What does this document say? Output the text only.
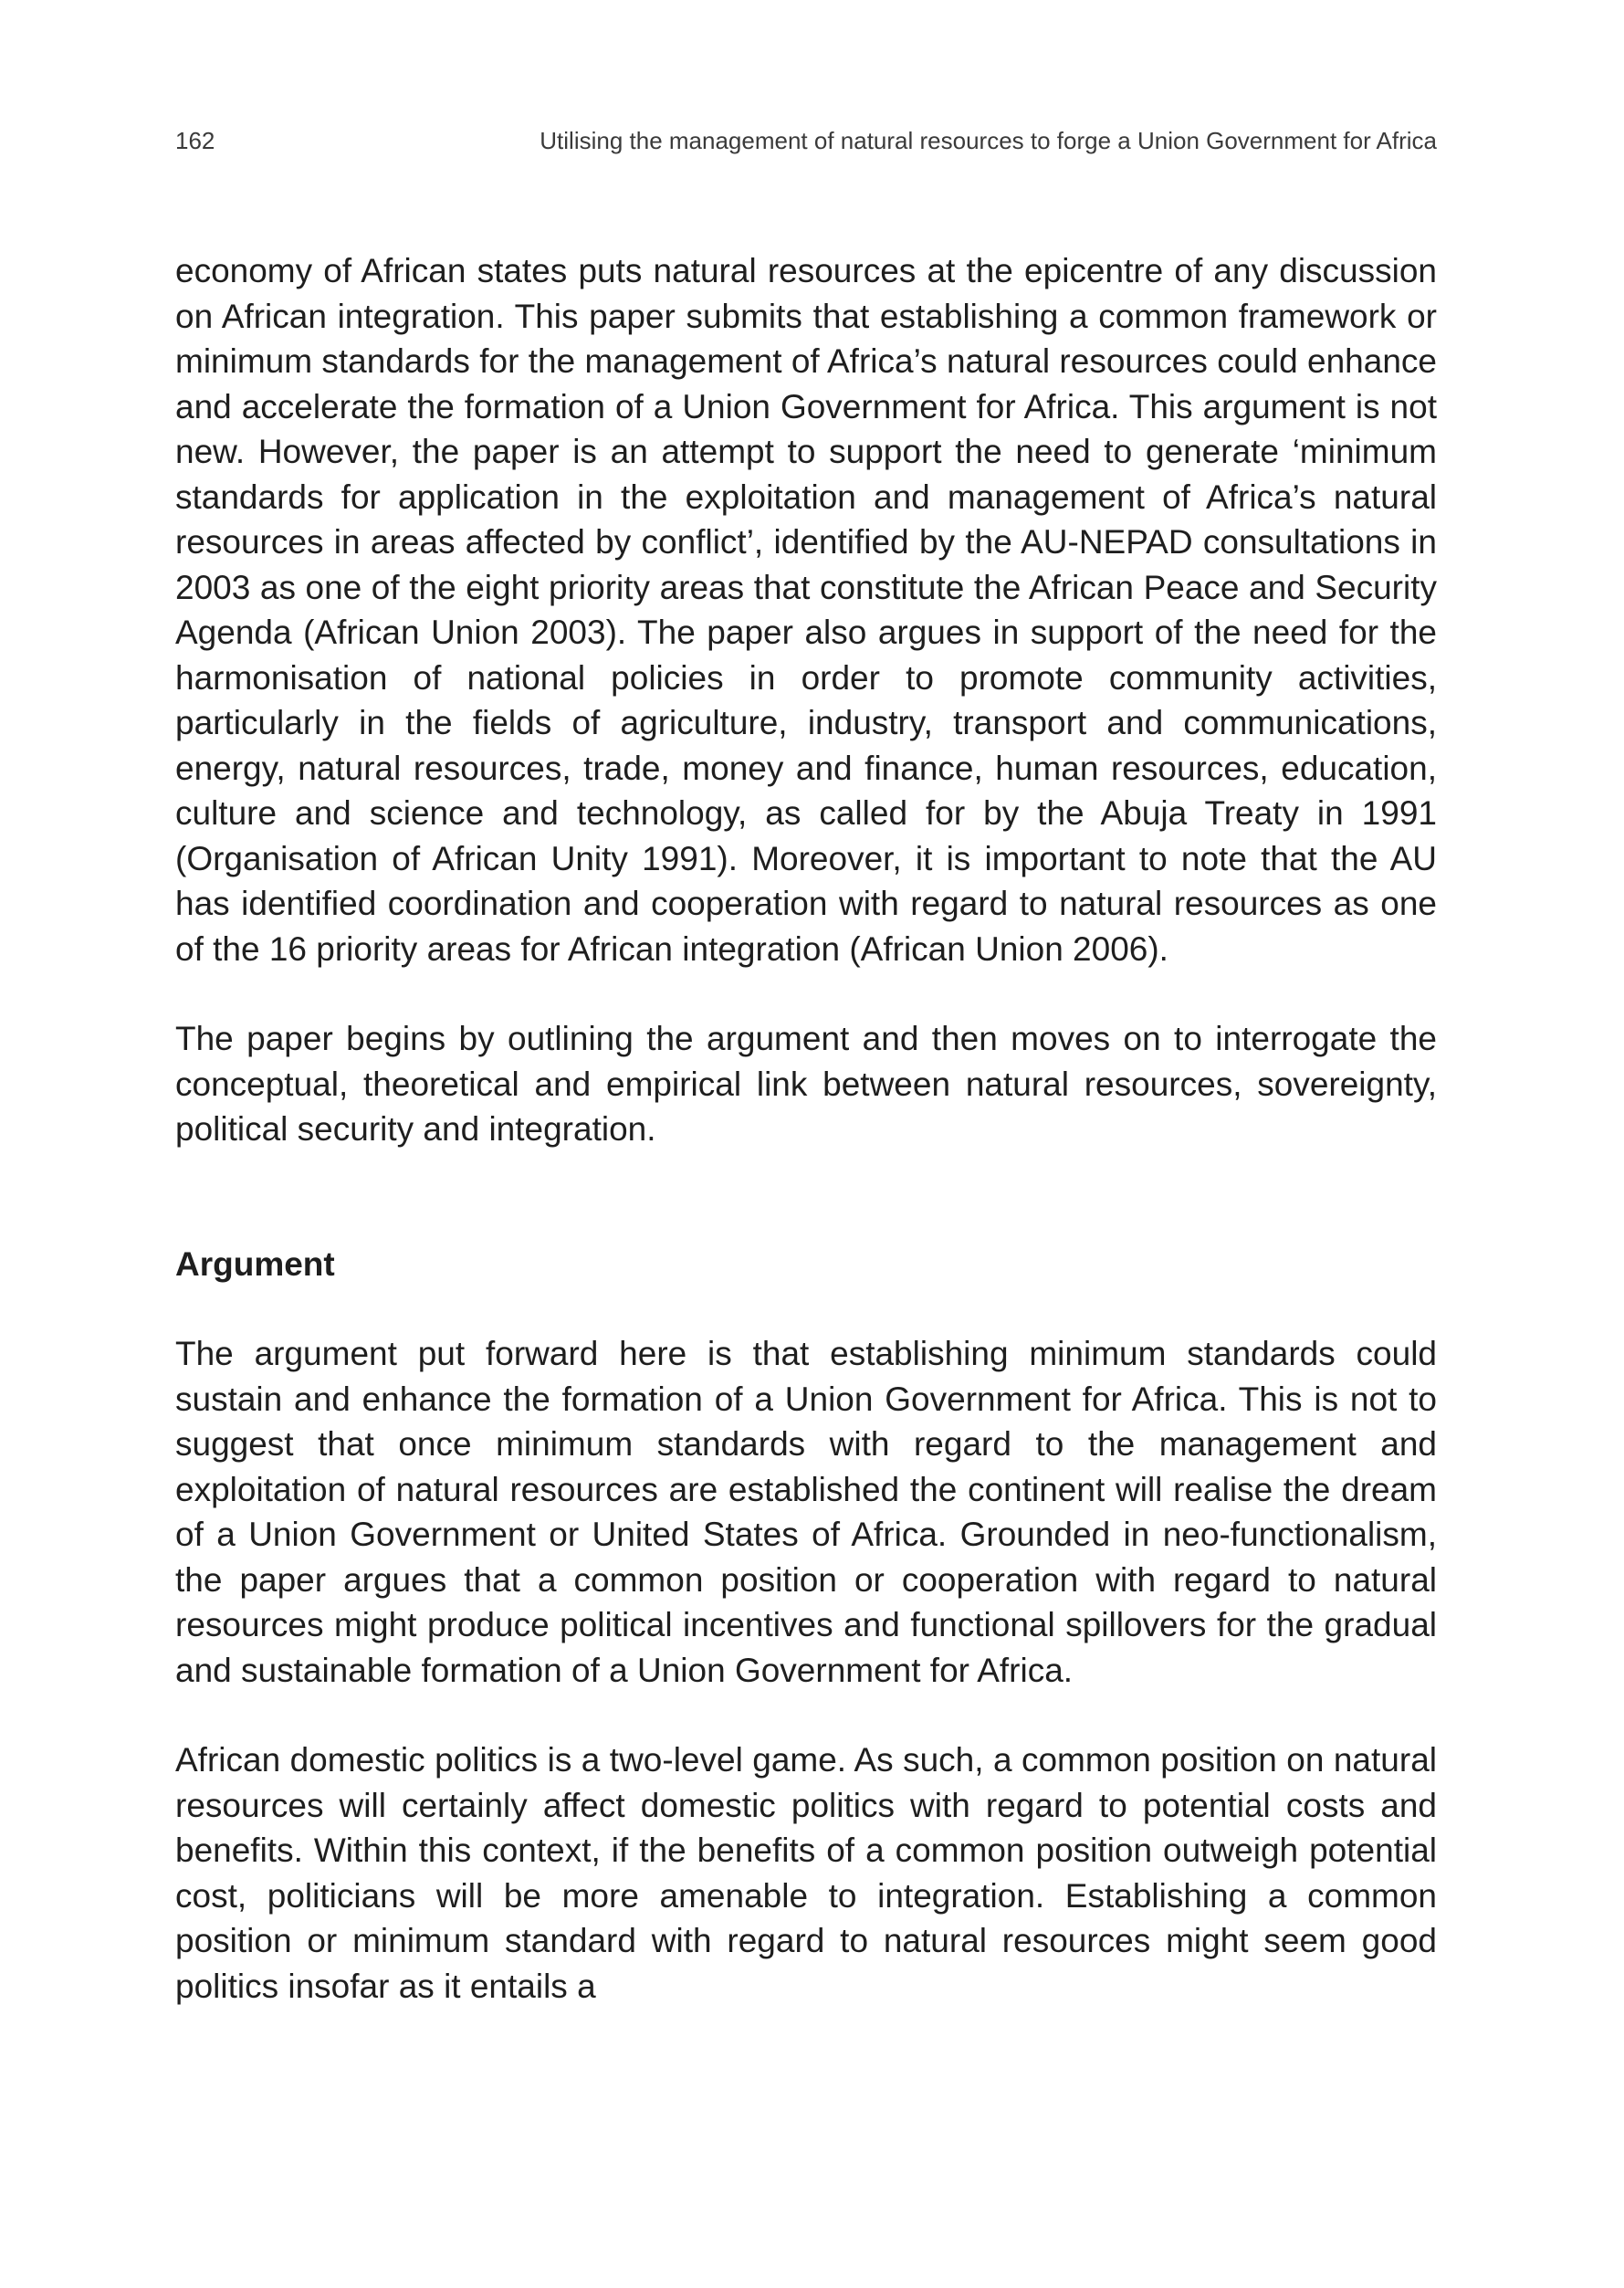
162	Utilising the management of natural resources to forge a Union Government for Africa

economy of African states puts natural resources at the epicentre of any discussion on African integration. This paper submits that establishing a common framework or minimum standards for the management of Africa’s natural resources could enhance and accelerate the formation of a Union Government for Africa. This argument is not new. However, the paper is an attempt to support the need to generate ‘minimum standards for application in the exploitation and management of Africa’s natural resources in areas affected by conflict’, identified by the AU-NEPAD consultations in 2003 as one of the eight priority areas that constitute the African Peace and Security Agenda (African Union 2003). The paper also argues in support of the need for the harmonisation of national policies in order to promote community activities, particularly in the fields of agriculture, industry, transport and communications, energy, natural resources, trade, money and finance, human resources, education, culture and science and technology, as called for by the Abuja Treaty in 1991 (Organisation of African Unity 1991). Moreover, it is important to note that the AU has identified coordination and cooperation with regard to natural resources as one of the 16 priority areas for African integration (African Union 2006).

The paper begins by outlining the argument and then moves on to interrogate the conceptual, theoretical and empirical link between natural resources, sovereignty, political security and integration.

Argument

The argument put forward here is that establishing minimum standards could sustain and enhance the formation of a Union Government for Africa. This is not to suggest that once minimum standards with regard to the management and exploitation of natural resources are established the continent will realise the dream of a Union Government or United States of Africa. Grounded in neo-functionalism, the paper argues that a common position or cooperation with regard to natural resources might produce political incentives and functional spillovers for the gradual and sustainable formation of a Union Government for Africa.

African domestic politics is a two-level game. As such, a common position on natural resources will certainly affect domestic politics with regard to potential costs and benefits. Within this context, if the benefits of a common position outweigh potential cost, politicians will be more amenable to integration. Establishing a common position or minimum standard with regard to natural resources might seem good politics insofar as it entails a
